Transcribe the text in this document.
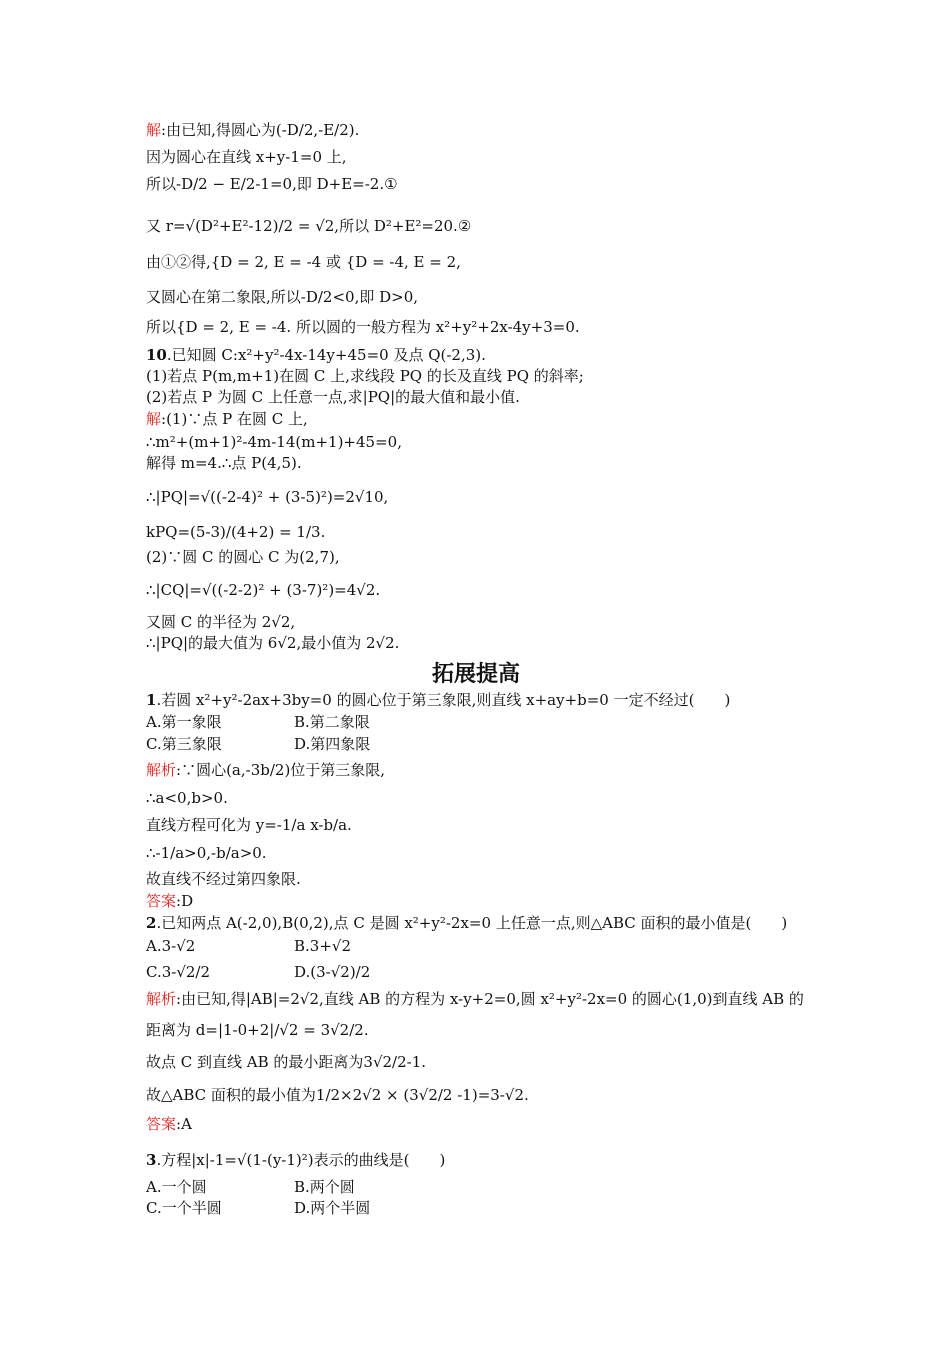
拓展提高
解:由已知,得圆心为(-D/2,-E/2).
因为圆心在直线 x+y-1=0 上,
所以-D/2 − E/2-1=0,即 D+E=-2.①
又 r=√(D²+E²-12)/2 = √2,所以 D²+E²=20.②
由①②得,{D = 2, E = -4 或 {D = -4, E = 2,
又圆心在第二象限,所以-D/2<0,即 D>0,
所以{D = 2, E = -4. 所以圆的一般方程为 x²+y²+2x-4y+3=0.
10.已知圆 C:x²+y²-4x-14y+45=0 及点 Q(-2,3).
(1)若点 P(m,m+1)在圆 C 上,求线段 PQ 的长及直线 PQ 的斜率;
(2)若点 P 为圆 C 上任意一点,求|PQ|的最大值和最小值.
解:(1)∵点 P 在圆 C 上,
∴m²+(m+1)²-4m-14(m+1)+45=0,
解得 m=4.∴点 P(4,5).
∴|PQ|=√((-2-4)² + (3-5)²)=2√10,
kPQ=(5-3)/(4+2) = 1/3.
(2)∵圆 C 的圆心 C 为(2,7),
∴|CQ|=√((-2-2)² + (3-7)²)=4√2.
又圆 C 的半径为 2√2,
∴|PQ|的最大值为 6√2,最小值为 2√2.
1.若圆 x²+y²-2ax+3by=0 的圆心位于第三象限,则直线 x+ay+b=0 一定不经过(　　)
解析:∵圆心(a,-3b/2)位于第三象限,
∴a<0,b>0.
直线方程可化为 y=-1/a x-b/a.
∴-1/a>0,-b/a>0.
故直线不经过第四象限.
答案:D
2.已知两点 A(-2,0),B(0,2),点 C 是圆 x²+y²-2x=0 上任意一点,则△ABC 面积的最小值是(　　)
解析:由已知,得|AB|=2√2,直线 AB 的方程为 x-y+2=0,圆 x²+y²-2x=0 的圆心(1,0)到直线 AB 的
距离为 d=|1-0+2|/√2 = 3√2/2.
故点 C 到直线 AB 的最小距离为3√2/2-1.
故△ABC 面积的最小值为1/2×2√2 × (3√2/2 -1)=3-√2.
答案:A
3.方程|x|-1=√(1-(y-1)²)表示的曲线是(　　)
A.第一象限	B.第二象限
C.第三象限	D.第四象限
A.3-√2	B.3+√2
C.3-√2/2	D.(3-√2)/2
A.一个圆	B.两个圆
C.一个半圆	D.两个半圆
